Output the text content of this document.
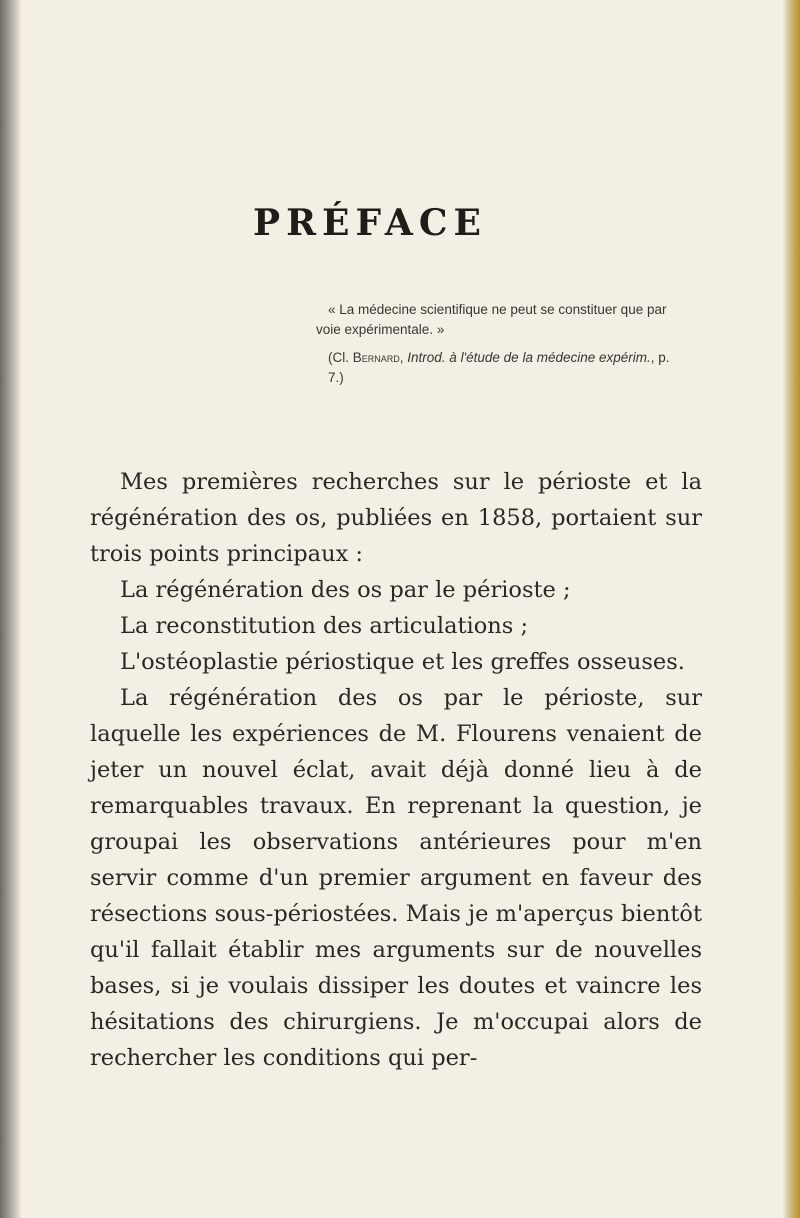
PRÉFACE
« La médecine scientifique ne peut se constituer que par voie expérimentale. »
(Cl. Bernard, Introd. à l'étude de la médecine expérim., p. 7.)

Mes premières recherches sur le périoste et la régénération des os, publiées en 1858, portaient sur trois points principaux :

La régénération des os par le périoste ;

La reconstitution des articulations ;

L'ostéoplastie périostique et les greffes osseuses.

La régénération des os par le périoste, sur laquelle les expériences de M. Flourens venaient de jeter un nouvel éclat, avait déjà donné lieu à de remarquables travaux. En reprenant la question, je groupai les observations antérieures pour m'en servir comme d'un premier argument en faveur des résections sous-périostées. Mais je m'aperçus bientôt qu'il fallait établir mes arguments sur de nouvelles bases, si je voulais dissiper les doutes et vaincre les hésitations des chirurgiens. Je m'occupai alors de rechercher les conditions qui per-
